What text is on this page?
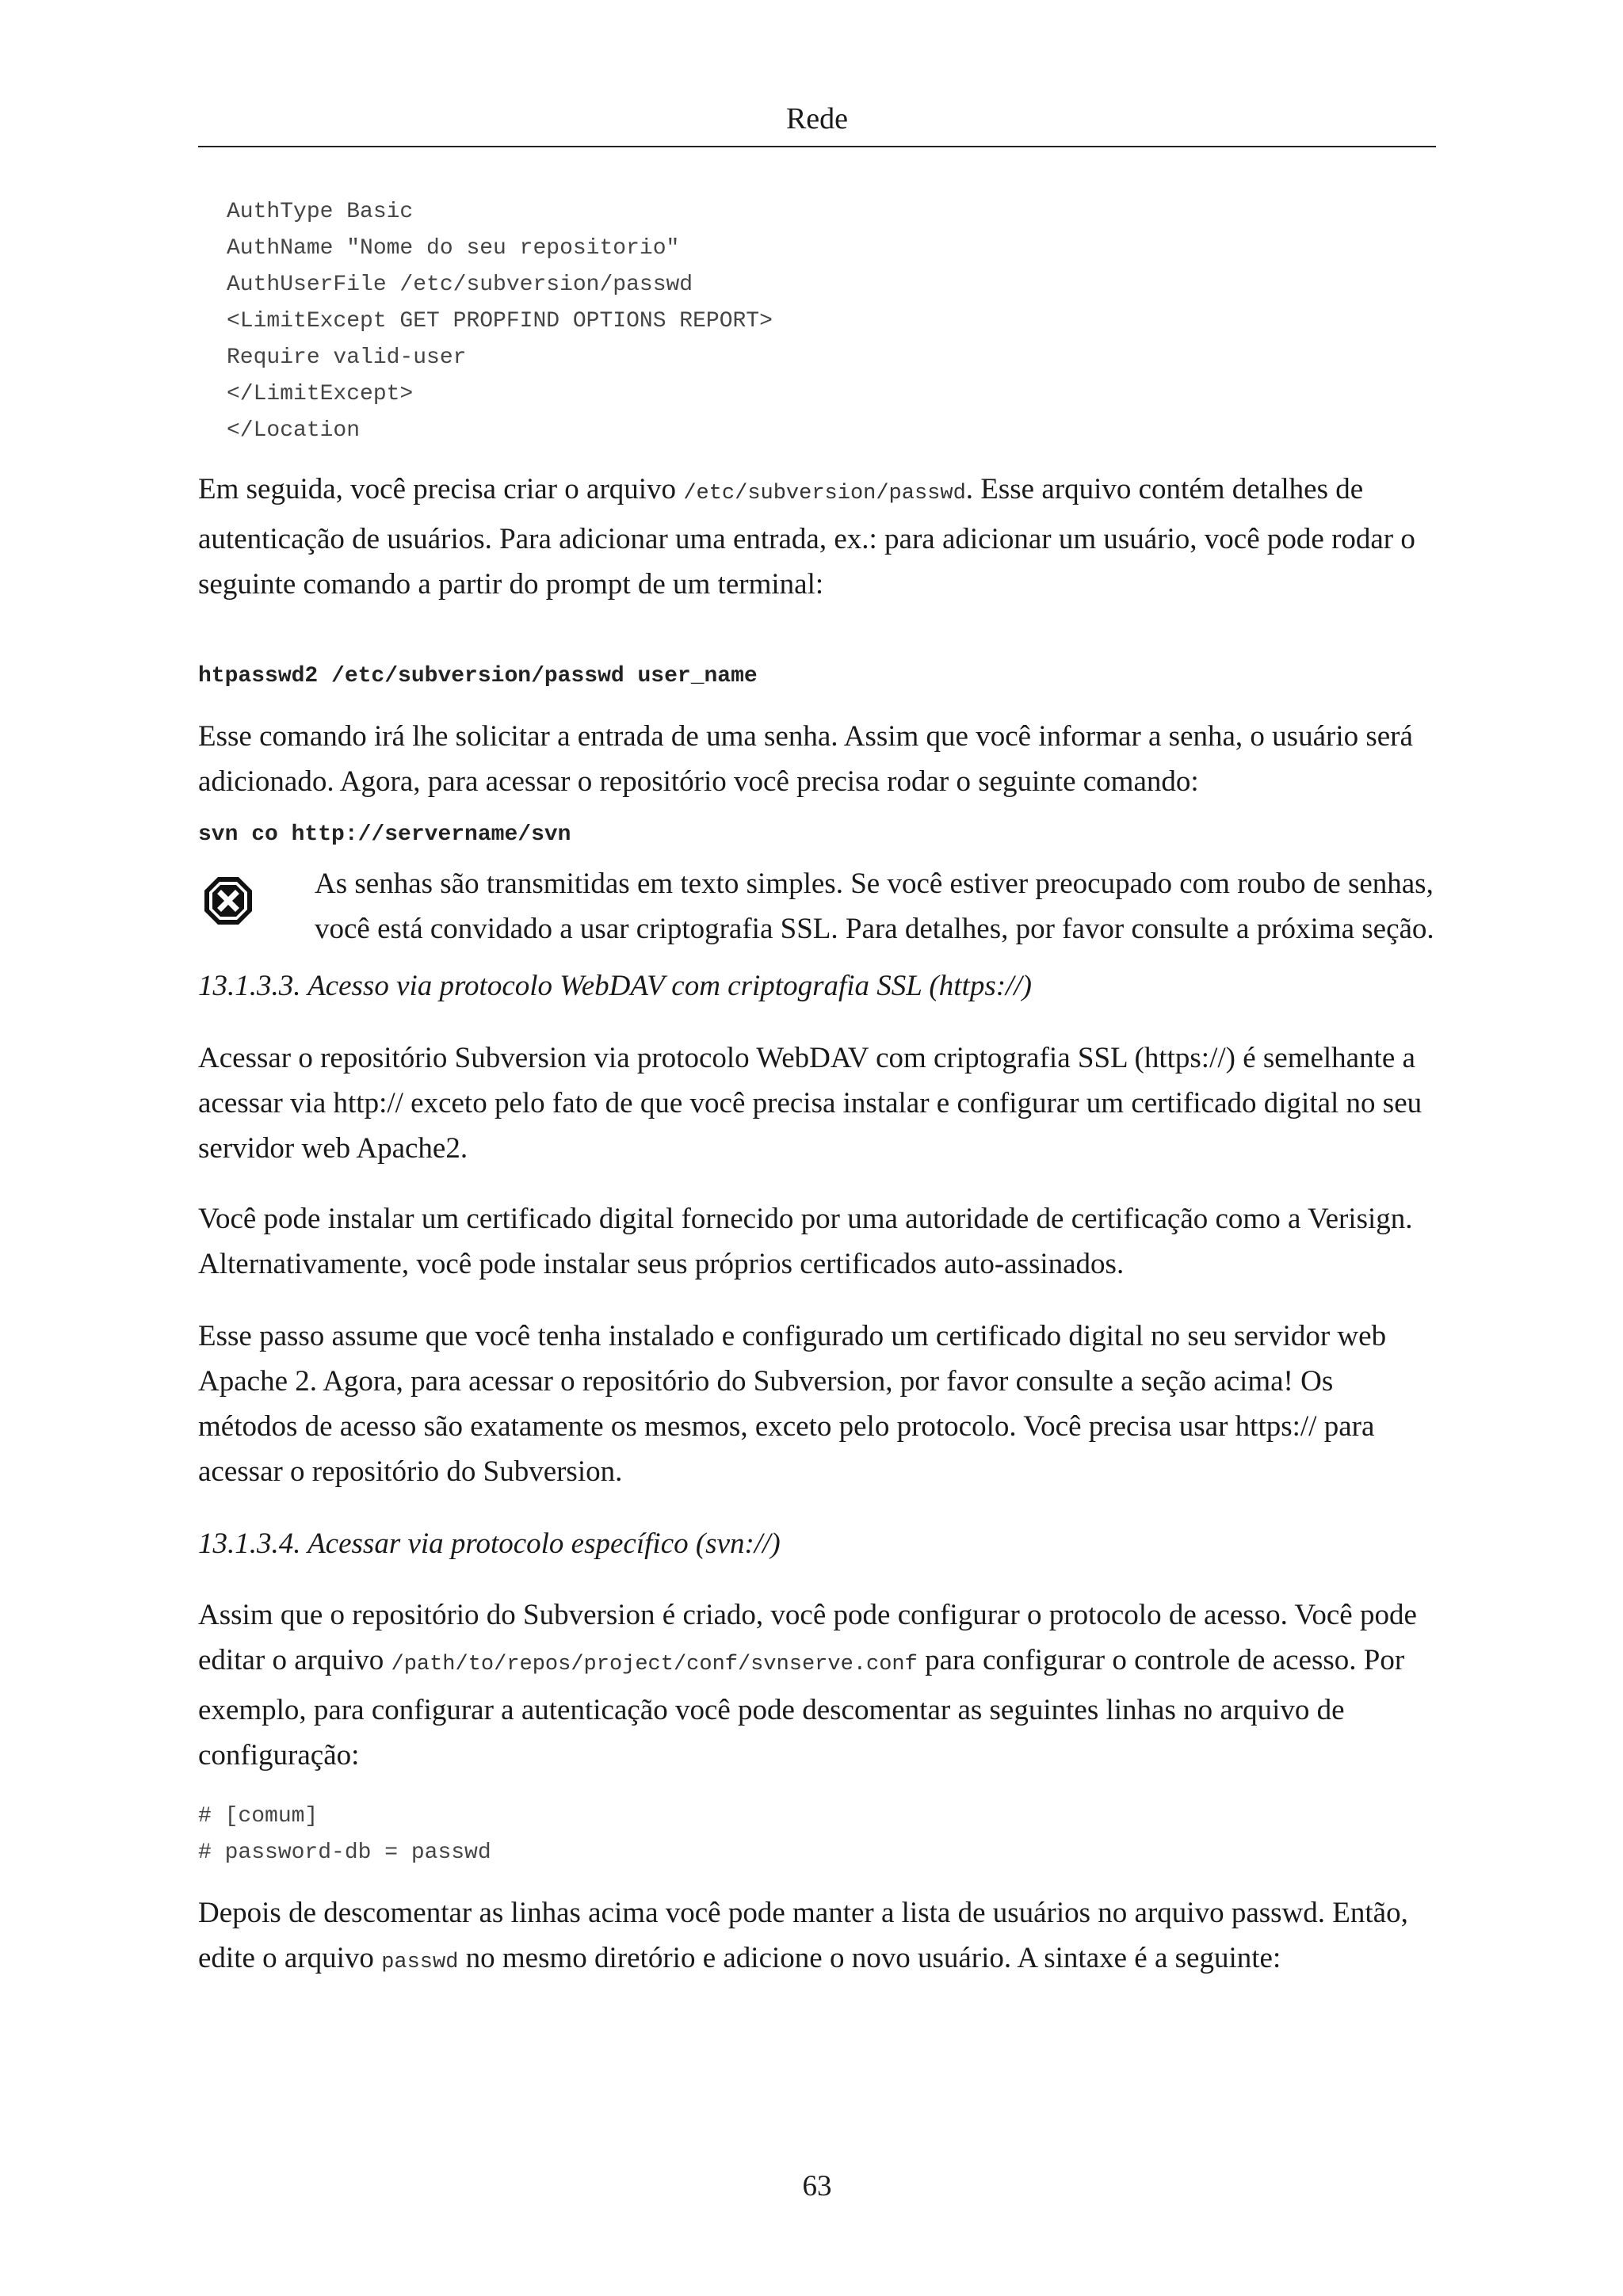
Rede
AuthType Basic
AuthName "Nome do seu repositorio"
AuthUserFile /etc/subversion/passwd
<LimitExcept GET PROPFIND OPTIONS REPORT>
Require valid-user
</LimitExcept>
</Location

Em seguida, você precisa criar o arquivo /etc/subversion/passwd. Esse arquivo contém detalhes de autenticação de usuários. Para adicionar uma entrada, ex.: para adicionar um usuário, você pode rodar o seguinte comando a partir do prompt de um terminal:

htpasswd2 /etc/subversion/passwd user_name

Esse comando irá lhe solicitar a entrada de uma senha. Assim que você informar a senha, o usuário será adicionado. Agora, para acessar o repositório você precisa rodar o seguinte comando:

svn co http://servername/svn

As senhas são transmitidas em texto simples. Se você estiver preocupado com roubo de senhas, você está convidado a usar criptografia SSL. Para detalhes, por favor consulte a próxima seção.

13.1.3.3. Acesso via protocolo WebDAV com criptografia SSL (https://)

Acessar o repositório Subversion via protocolo WebDAV com criptografia SSL (https://) é semelhante a acessar via http:// exceto pelo fato de que você precisa instalar e configurar um certificado digital no seu servidor web Apache2.

Você pode instalar um certificado digital fornecido por uma autoridade de certificação como a Verisign. Alternativamente, você pode instalar seus próprios certificados auto-assinados.

Esse passo assume que você tenha instalado e configurado um certificado digital no seu servidor web Apache 2. Agora, para acessar o repositório do Subversion, por favor consulte a seção acima! Os métodos de acesso são exatamente os mesmos, exceto pelo protocolo. Você precisa usar https:// para acessar o repositório do Subversion.

13.1.3.4. Acessar via protocolo específico (svn://)

Assim que o repositório do Subversion é criado, você pode configurar o protocolo de acesso. Você pode editar o arquivo /path/to/repos/project/conf/svnserve.conf para configurar o controle de acesso. Por exemplo, para configurar a autenticação você pode descomentar as seguintes linhas no arquivo de configuração:

# [comum]
# password-db = passwd

Depois de descomentar as linhas acima você pode manter a lista de usuários no arquivo passwd. Então, edite o arquivo passwd no mesmo diretório e adicione o novo usuário. A sintaxe é a seguinte:

63
